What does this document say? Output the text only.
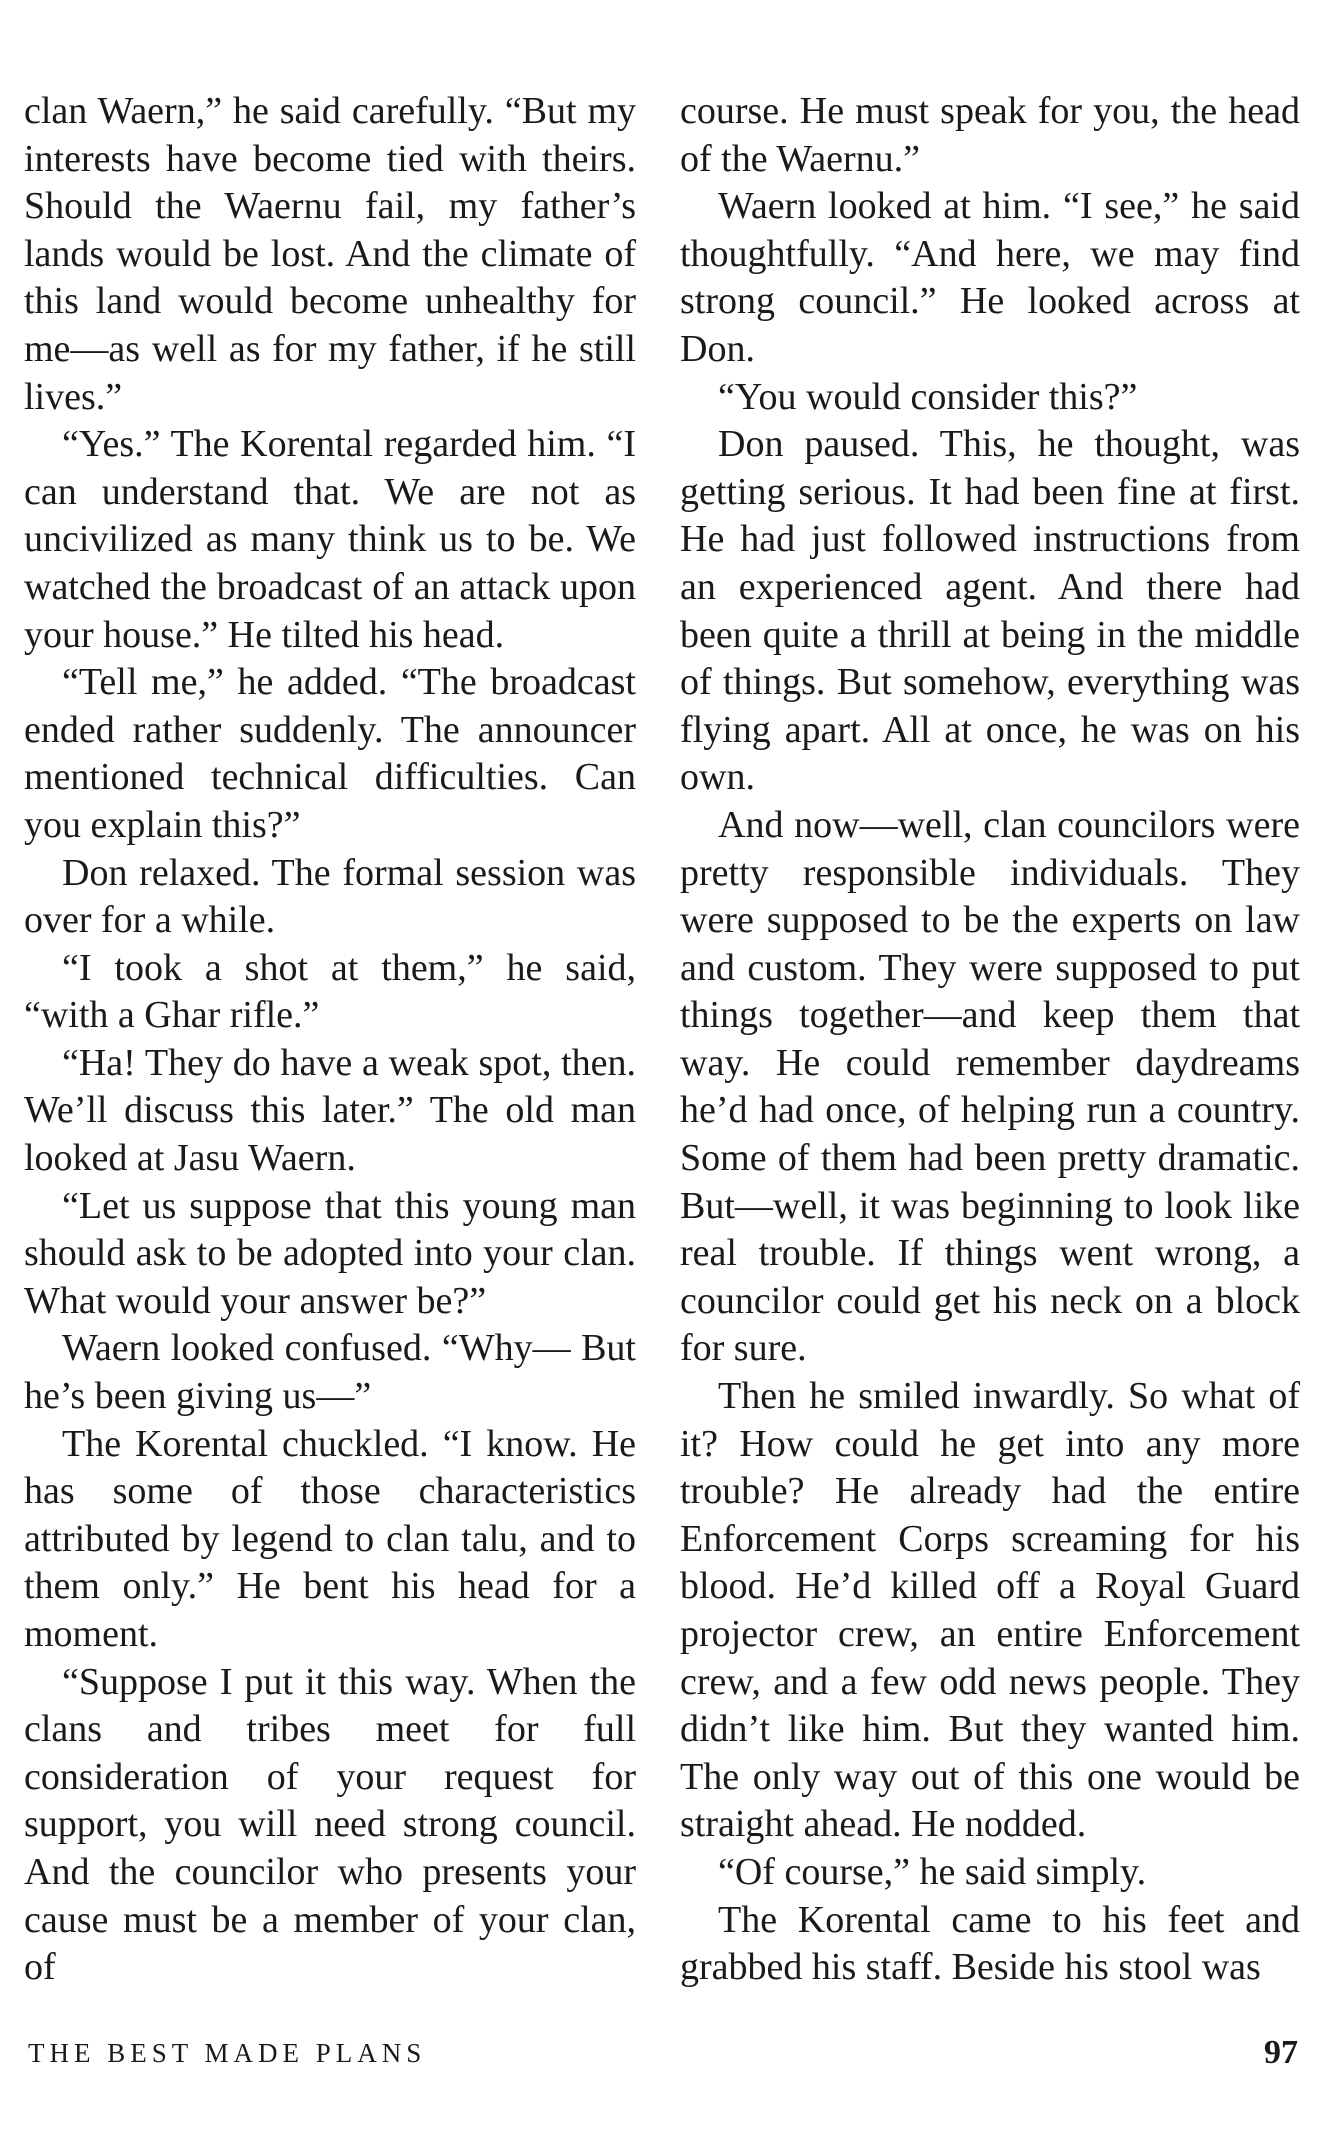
clan Waern,” he said carefully. “But my interests have become tied with theirs. Should the Waernu fail, my father’s lands would be lost. And the climate of this land would become unhealthy for me—as well as for my father, if he still lives.”

“Yes.” The Korental regarded him. “I can understand that. We are not as uncivilized as many think us to be. We watched the broadcast of an attack upon your house.” He tilted his head.

“Tell me,” he added. “The broadcast ended rather suddenly. The announcer mentioned technical difficulties. Can you explain this?”

Don relaxed. The formal session was over for a while.

“I took a shot at them,” he said, “with a Ghar rifle.”

“Ha! They do have a weak spot, then. We’ll discuss this later.” The old man looked at Jasu Waern.

“Let us suppose that this young man should ask to be adopted into your clan. What would your answer be?”

Waern looked confused. “Why— But he’s been giving us—”

The Korental chuckled. “I know. He has some of those characteristics attributed by legend to clan talu, and to them only.” He bent his head for a moment.

“Suppose I put it this way. When the clans and tribes meet for full consideration of your request for support, you will need strong council. And the councilor who presents your cause must be a member of your clan, of

course. He must speak for you, the head of the Waernu.”

Waern looked at him. “I see,” he said thoughtfully. “And here, we may find strong council.” He looked across at Don.

“You would consider this?”

Don paused. This, he thought, was getting serious. It had been fine at first. He had just followed instructions from an experienced agent. And there had been quite a thrill at being in the middle of things. But somehow, everything was flying apart. All at once, he was on his own.

And now—well, clan councilors were pretty responsible individuals. They were supposed to be the experts on law and custom. They were supposed to put things together—and keep them that way. He could remember daydreams he’d had once, of helping run a country. Some of them had been pretty dramatic. But—well, it was beginning to look like real trouble. If things went wrong, a councilor could get his neck on a block for sure.

Then he smiled inwardly. So what of it? How could he get into any more trouble? He already had the entire Enforcement Corps screaming for his blood. He’d killed off a Royal Guard projector crew, an entire Enforcement crew, and a few odd news people. They didn’t like him. But they wanted him. The only way out of this one would be straight ahead. He nodded.

“Of course,” he said simply.

The Korental came to his feet and grabbed his staff. Beside his stool was

THE BEST MADE PLANS	97
